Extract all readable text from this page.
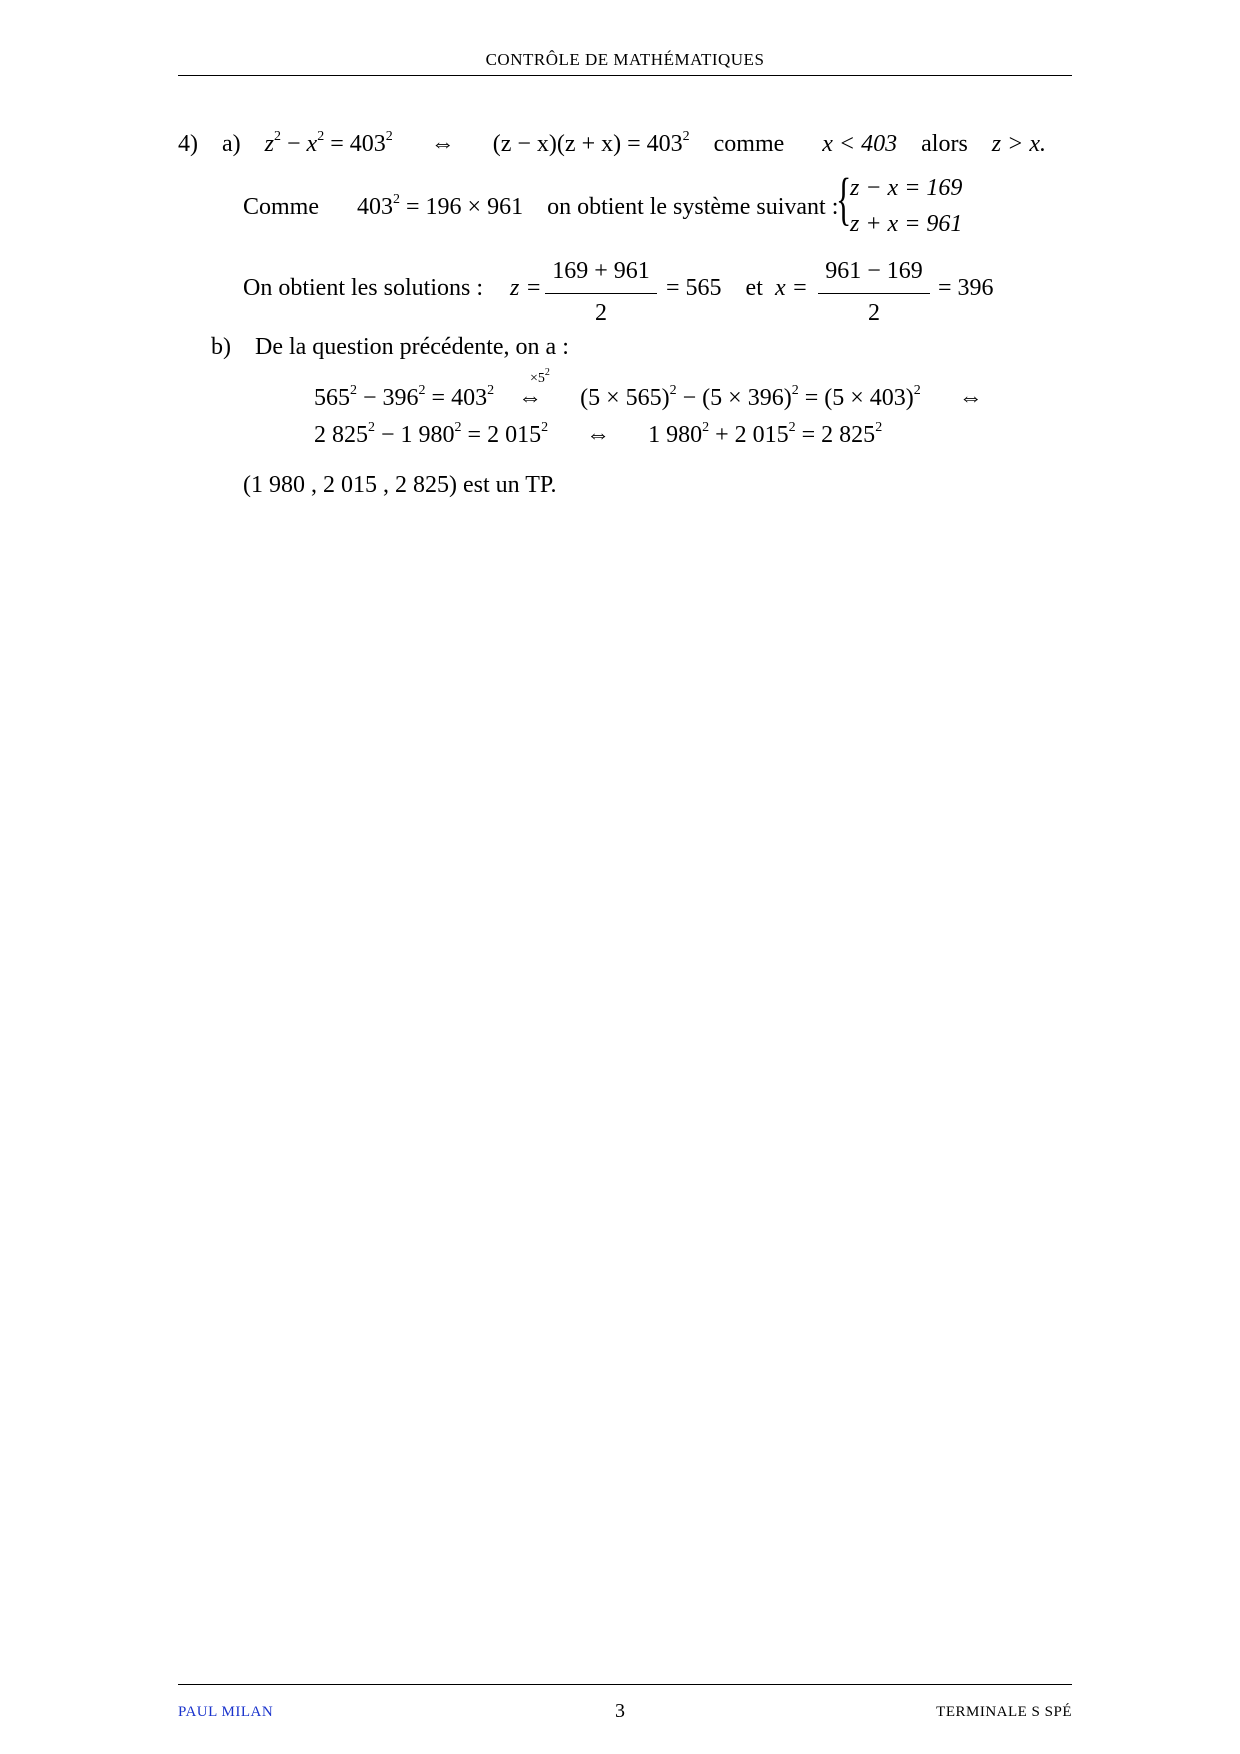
CONTRÔLE DE MATHÉMATIQUES
4) a) $z^2 - x^2 = 403^2$ ⇔ $(z - x)(z + x) = 403^2$ comme x < 403 alors z > x.
Comme $403^2 = 196 \times 961$ on obtient le système suivant :
{
z − x = 169
z + x = 961
On obtient les solutions : z =
169 + 961
2
= 565 et x =
961 − 169
2
= 396
b) De la question précédente, on a :
$\times 5^2$
$565^2 - 396^2 = 403^2$ ⇔ $(5 \times 565)^2 - (5 \times 396)^2 = (5 \times 403)^2$ ⇔
2 $825^2 - 1$ $980^2 = 2$ $015^2$ ⇔ 1 $980^2 + 2$ $015^2 = 2$ $825^2$
(1 980 , 2 015 , 2 825) est un TP.
PAUL MILAN	3	TERMINALE S SPÉ
